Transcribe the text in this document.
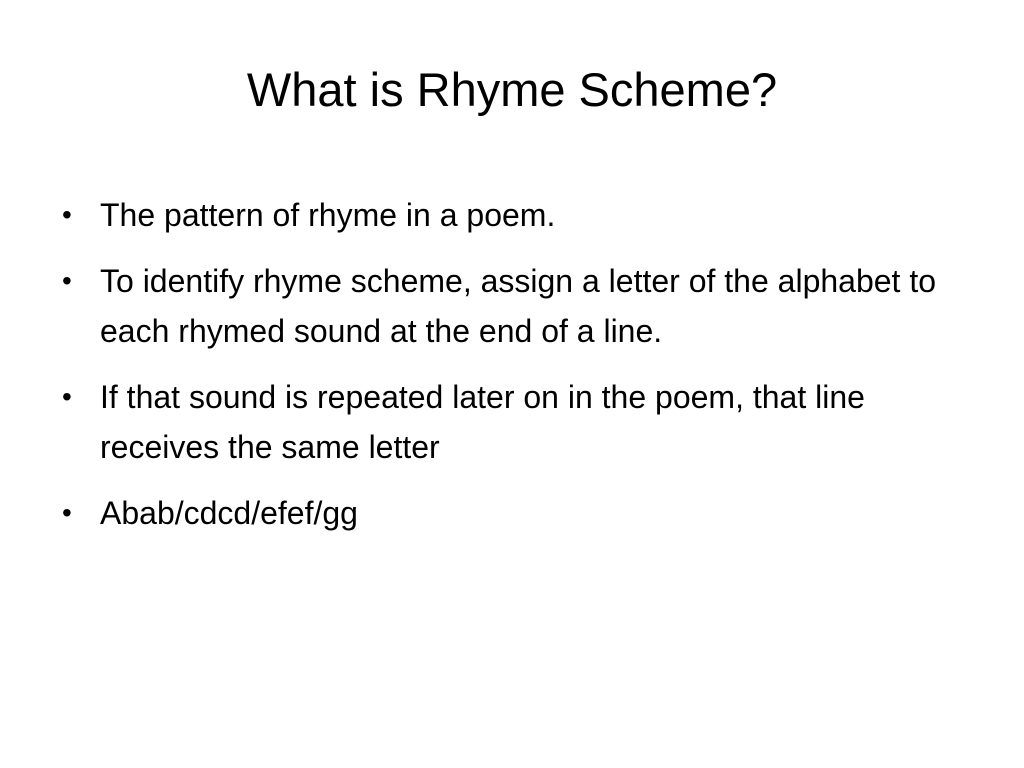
What is Rhyme Scheme?
• The pattern of rhyme in a poem.
• To identify rhyme scheme, assign a letter of the alphabet to each rhymed sound at the end of a line.
• If that sound is repeated later on in the poem, that line receives the same letter
• Abab/cdcd/efef/gg
